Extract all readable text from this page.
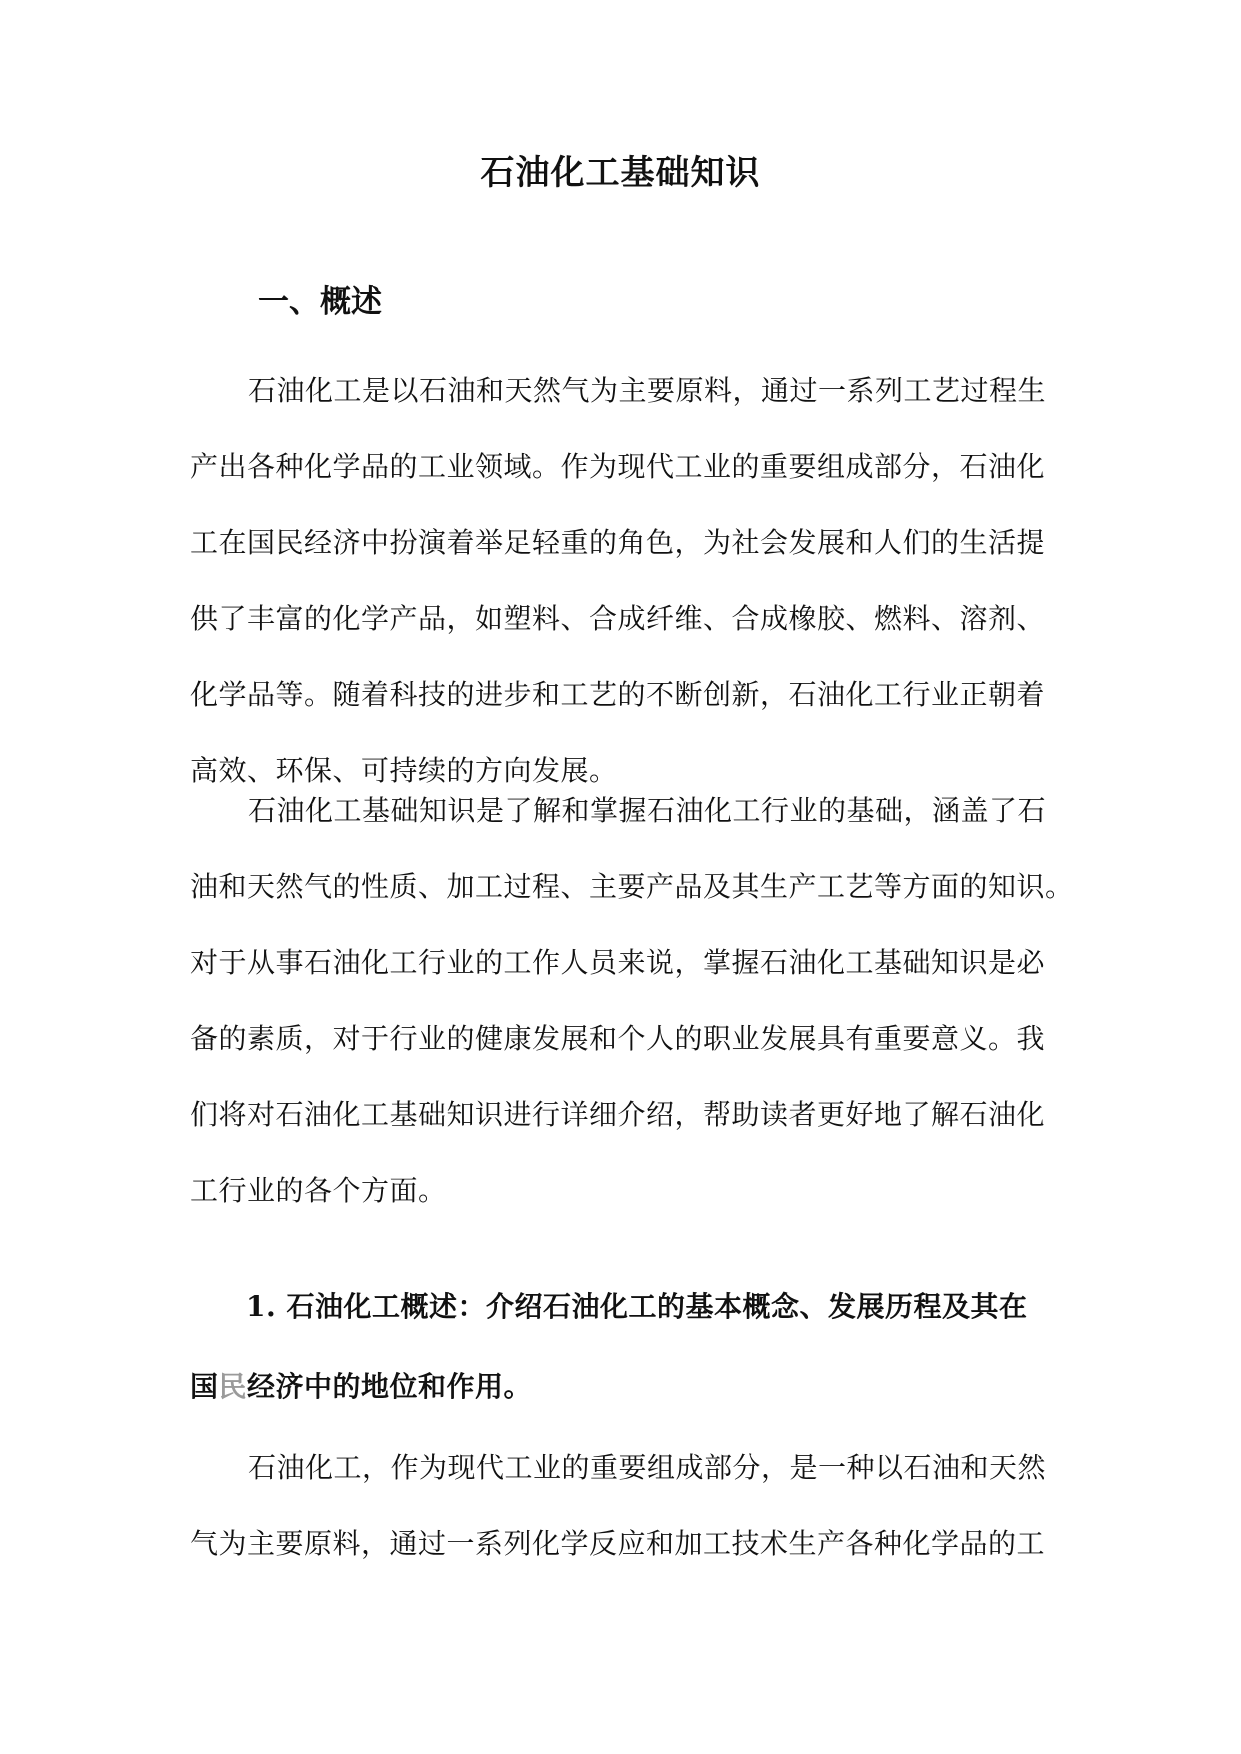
石油化工基础知识
一、概述

石油化工是以石油和天然气为主要原料，通过一系列工艺过程生
产出各种化学品的工业领域。作为现代工业的重要组成部分，石油化
工在国民经济中扮演着举足轻重的角色，为社会发展和人们的生活提
供了丰富的化学产品，如塑料、合成纤维、合成橡胶、燃料、溶剂、
化学品等。随着科技的进步和工艺的不断创新，石油化工行业正朝着
高效、环保、可持续的方向发展。

石油化工基础知识是了解和掌握石油化工行业的基础，涵盖了石
油和天然气的性质、加工过程、主要产品及其生产工艺等方面的知识。
对于从事石油化工行业的工作人员来说，掌握石油化工基础知识是必
备的素质，对于行业的健康发展和个人的职业发展具有重要意义。我
们将对石油化工基础知识进行详细介绍，帮助读者更好地了解石油化
工行业的各个方面。

1. 石油化工概述：介绍石油化工的基本概念、发展历程及其在
国民经济中的地位和作用。

石油化工，作为现代工业的重要组成部分，是一种以石油和天然
气为主要原料，通过一系列化学反应和加工技术生产各种化学品的工
